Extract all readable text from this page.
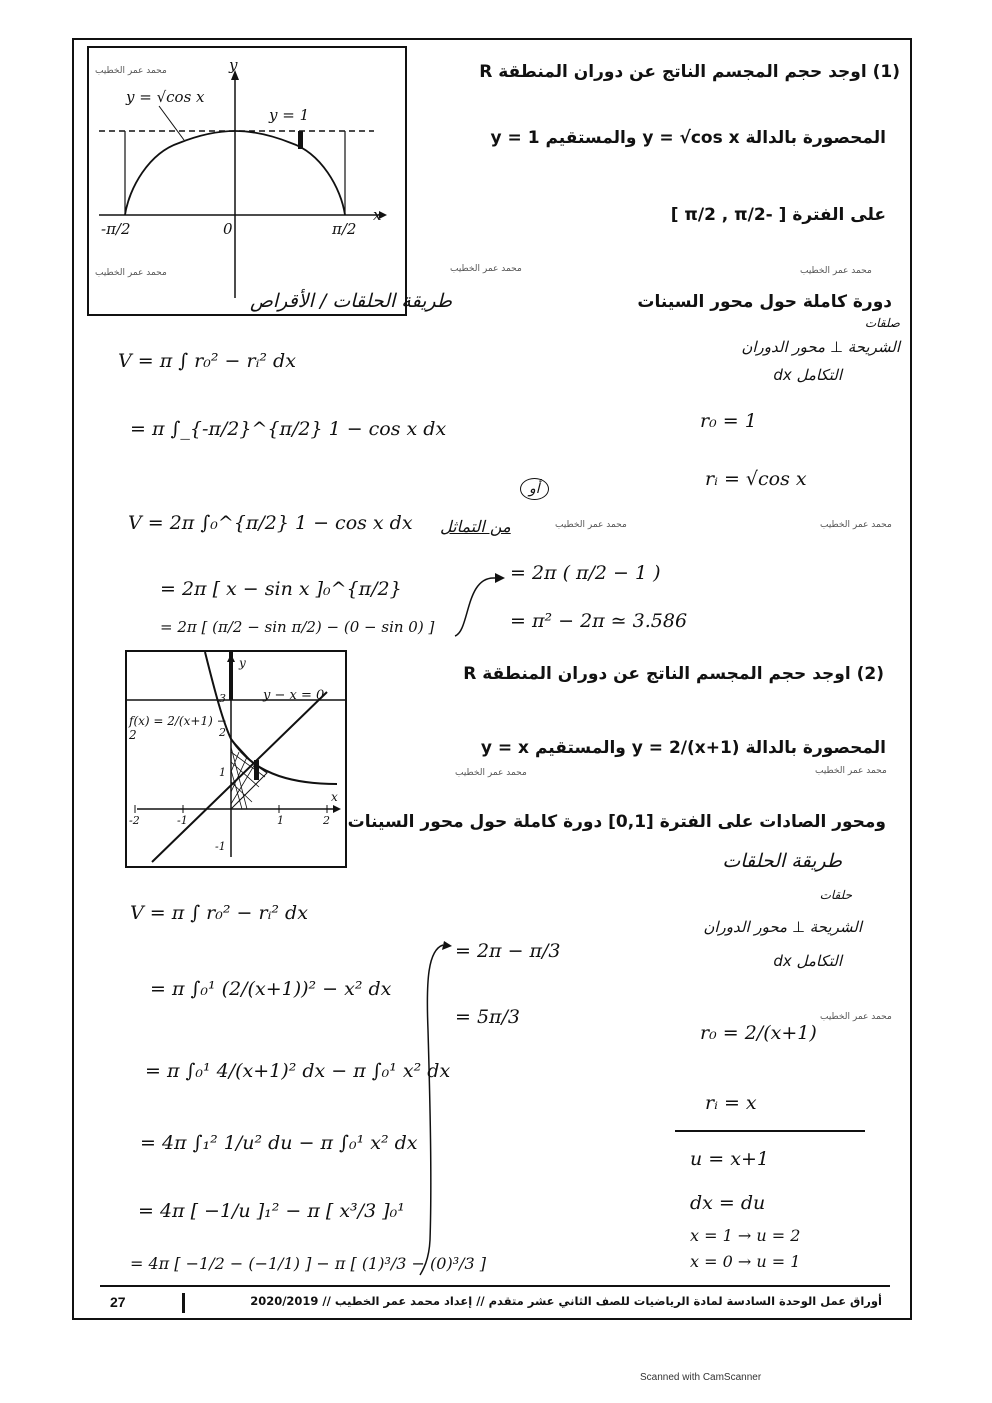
y = √cos x
y = 1
y
x
-π/2	0	π/2
(1) اوجد حجم المجسم الناتج عن دوران المنطقة R
المحصورة بالدالة y = √cos x والمستقيم y = 1
على الفترة [ -π/2 , π/2 ]
دورة كاملة حول محور السينات
طريقة الحلقات / الأقراص
صلقات
الشريحة ⊥ محور الدوران
التكامل dx
r₀ = 1
rᵢ = √cos x
V = π ∫ r₀² − rᵢ² dx
= π ∫_{-π/2}^{π/2} 1 − cos x dx
V = 2π ∫₀^{π/2} 1 − cos x dx من التماثل
أو
= 2π [ x − sin x ]₀^{π/2}
= 2π [ (π/2 − sin π/2) − (0 − sin 0) ]
= 2π ( π/2 − 1 )
= π² − 2π ≃ 3.586
f(x) = 2/(x+1) − 2
y − x = 0
y
x
-2	-1	1	2
3
2
1
-1
(2) اوجد حجم المجسم الناتج عن دوران المنطقة R
المحصورة بالدالة y = 2/(x+1) والمستقيم y = x
ومحور الصادات على الفترة [0,1] دورة كاملة حول محور السينات
طريقة الحلقات
حلقات
الشريحة ⊥ محور الدوران
التكامل dx
r₀ = 2/(x+1)
rᵢ = x
u = x+1
dx = du
x = 1 → u = 2
x = 0 → u = 1
V = π ∫ r₀² − rᵢ² dx
= π ∫₀¹ (2/(x+1))² − x² dx
= π ∫₀¹ 4/(x+1)² dx − π ∫₀¹ x² dx
= 4π ∫₁² 1/u² du − π ∫₀¹ x² dx
= 4π [ −1/u ]₁² − π [ x³/3 ]₀¹
= 4π [ −1/2 − (−1/1) ] − π [ (1)³/3 − (0)³/3 ]
= 2π − π/3
= 5π/3
محمد عمر الخطيب
محمد عمر الخطيب	محمد عمر الخطيب	محمد عمر الخطيب
محمد عمر الخطيب	محمد عمر الخطيب
محمد عمر الخطيب	محمد عمر الخطيب
محمد عمر الخطيب
27	أوراق عمل الوحدة السادسة لمادة الرياضيات للصف الثاني عشر متقدم // إعداد محمد عمر الخطيب // 2020/2019
Scanned with CamScanner
